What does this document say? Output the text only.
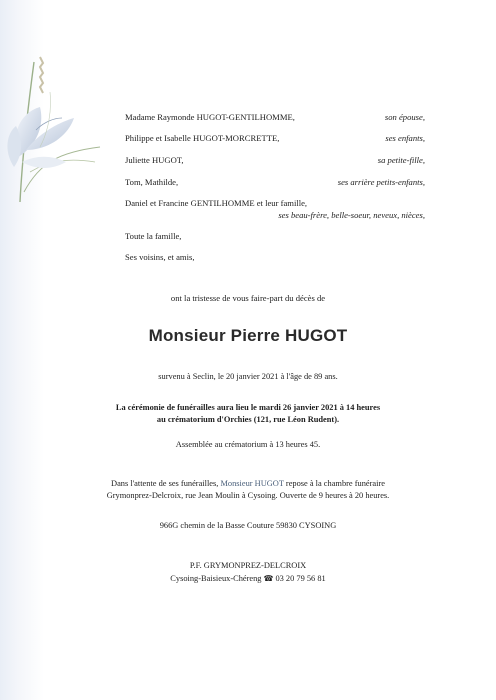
Madame Raymonde HUGOT-GENTILHOMME,	son épouse,
Philippe et Isabelle HUGOT-MORCRETTE,	ses enfants,
Juliette HUGOT,	sa petite-fille,
Tom, Mathilde,	ses arrière petits-enfants,
Daniel et Francine GENTILHOMME et leur famille,
ses beau-frère, belle-soeur, neveux, nièces,
Toute la famille,
Ses voisins, et amis,
ont la tristesse de vous faire-part du décès de
Monsieur Pierre HUGOT
survenu à Seclin, le 20 janvier 2021 à l'âge de 89 ans.
La cérémonie de funérailles aura lieu le mardi 26 janvier 2021 à 14 heures
au crématorium d'Orchies (121, rue Léon Rudent).
Assemblée au crématorium à 13 heures 45.
Dans l'attente de ses funérailles, Monsieur HUGOT repose à la chambre funéraire
Grymonprez-Delcroix, rue Jean Moulin à Cysoing. Ouverte de 9 heures à 20 heures.
966G chemin de la Basse Couture 59830 CYSOING
P.F. GRYMONPREZ-DELCROIX
Cysoing-Baisieux-Chéreng ☎ 03 20 79 56 81
